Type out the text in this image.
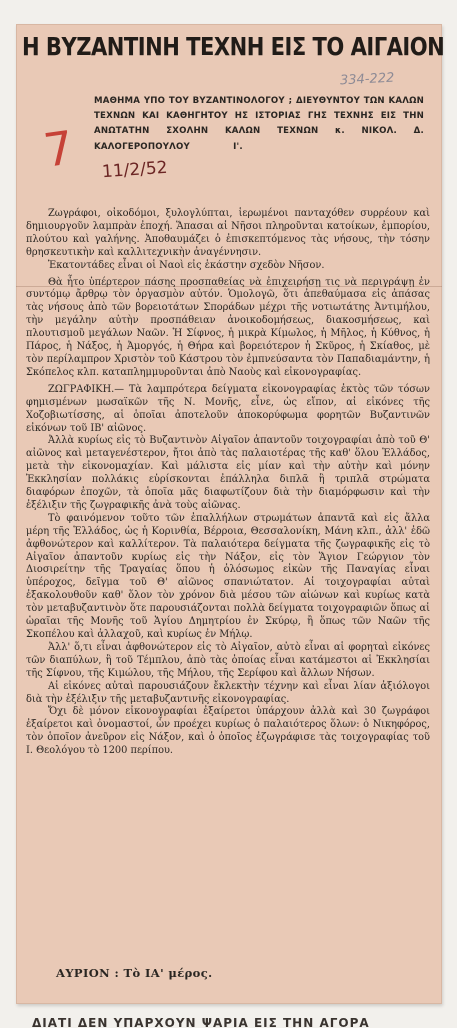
Η ΒΥΖΑΝΤΙΝΗ ΤΕΧΝΗ ΕΙΣ ΤΟ ΑΙΓΑΙΟΝ
334-222
ΜΑΘΗΜΑ ΥΠΟ ΤΟΥ ΒΥΖΑΝΤΙΝΟΛΟΓΟΥ ; ΔΙΕΥΘΥΝΤΟΥ ΤΩΝ ΚΑΛΩΝ ΤΕΧΝΩΝ ΚΑΙ ΚΑΘΗΓΗΤΟΥ ΗΣ ΙΣΤΟΡΙΑΣ ΓΗΣ ΤΕΧΝΗΣ ΕΙΣ ΤΗΝ ΑΝΩΤΑΤΗΝ ΣΧΟΛΗΝ ΚΑΛΩΝ ΤΕΧΝΩΝ κ. ΝΙΚΟΛ. Δ. ΚΑΛΟΓΕΡΟΠΟΥΛΟΥ	Ι'.
7 11/2/52

Ζωγράφοι, οἰκοδόμοι, ξυλογλύπται, ἱερωμένοι πανταχόθεν συρρέουν καὶ δημιουργοῦν λαμπρὰν ἐποχή. Ἅπασαι αἱ Νῆσοι πληροῦνται κατοίκων, ἐμπορίου, πλούτου καὶ γαλήνης. Ἀποθαυμάζει ὁ ἐπισκεπτόμενος τὰς νήσους, τὴν τόσην θρησκευτικὴν καὶ καλλιτεχνικὴν ἀναγέννησιν.

Ἑκατοντάδες εἶναι οἱ Ναοὶ εἰς ἑκάστην σχεδὸν Νῆσον.

Θὰ ἦτο ὑπέρτερον πάσης προσπαθείας νὰ ἐπιχειρήσῃ τις νὰ περιγράψῃ ἐν συντόμῳ ἄρθρῳ τὸν ὀργασμὸν αὐτόν. Ὁμολογῶ, ὅτι ἀπεθαύμασα εἰς ἁπάσας τὰς νήσους ἀπὸ τῶν βορειοτάτων Σποράδων μέχρι τῆς νοτιωτάτης Ἀντιμήλου, τὴν μεγάλην αὐτὴν προσπάθειαν ἀνοικοδομήσεως, διακοσμήσεως, καὶ πλουτισμοῦ μεγάλων Ναῶν. Ἡ Σίφνος, ἡ μικρὰ Κίμωλος, ἡ Μῆλος, ἡ Κύθνος, ἡ Πάρος, ἡ Νάξος, ἡ Ἀμοργός, ἡ Θήρα καὶ βορειότερον ἡ Σκῦρος, ἡ Σκίαθος, μὲ τὸν περίλαμπρον Χριστὸν τοῦ Κάστρου τὸν ἐμπνεύσαντα τὸν Παπαδιαμάντην, ἡ Σκόπελος κλπ. καταπλημμυροῦνται ἀπὸ Ναοὺς καὶ εἰκονογραφίας.

ΖΩΓΡΑΦΙΚΗ.— Τὰ λαμπρότερα δείγματα εἰκονογραφίας ἐκτὸς τῶν τόσων φημισμένων μωσαϊκῶν τῆς Ν. Μονῆς, εἶνε, ὡς εἴπον, αἱ εἰκόνες τῆς Χοζοβιωτίσσης, αἱ ὁποῖαι ἀποτελοῦν ἀποκορύφωμα φορητῶν Βυζαντινῶν εἰκόνων τοῦ ΙΒ' αἰῶνος.

Ἀλλὰ κυρίως εἰς τὸ Βυζαντινὸν Αἰγαῖον ἀπαντοῦν τοιχογραφίαι ἀπὸ τοῦ Θ' αἰῶνος καὶ μεταγενέστερον, ἤτοι ἀπὸ τὰς παλαιοτέρας τῆς καθ' ὅλου Ἑλλάδος, μετὰ τὴν εἰκονομαχίαν. Καὶ μάλιστα εἰς μίαν καὶ τὴν αὐτὴν καὶ μόνην Ἐκκλησίαν πολλάκις εὑρίσκονται ἐπάλληλα διπλᾶ ἢ τριπλᾶ στρώματα διαφόρων ἐποχῶν, τὰ ὁποῖα μᾶς διαφωτίζουν διὰ τὴν διαμόρφωσιν καὶ τὴν ἐξέλιξιν τῆς ζωγραφικῆς ἀνὰ τοὺς αἰῶνας.

Τὸ φαινόμενον τοῦτο τῶν ἐπαλλήλων στρωμάτων ἀπαντᾶ καὶ εἰς ἄλλα μέρη τῆς Ἑλλάδος, ὡς ἡ Κορινθία, Βέρροια, Θεσσαλονίκη, Μάνη κλπ., ἀλλ' ἐδῶ ἀφθονώτερον καὶ καλλίτερον. Τὰ παλαιότερα δείγματα τῆς ζωγραφικῆς εἰς τὸ Αἰγαῖον ἀπαντοῦν κυρίως εἰς τὴν Νάξον, εἰς τὸν Ἅγιον Γεώργιον τὸν Διοσιρείτην τῆς Τραγαίας ὅπου ἡ ὁλόσωμος εἰκὼν τῆς Παναγίας εἶναι ὑπέροχος, δεῖγμα τοῦ Θ' αἰῶνος σπανιώτατον. Αἱ τοιχογραφίαι αὐταὶ ἐξακολουθοῦν καθ' ὅλον τὸν χρόνον διὰ μέσου τῶν αἰώνων καὶ κυρίως κατὰ τὸν μεταβυζαντινὸν ὅτε παρουσιάζονται πολλὰ δείγματα τοιχογραφιῶν ὅπως αἱ ὡραῖαι τῆς Μονῆς τοῦ Ἁγίου Δημητρίου ἐν Σκύρῳ, ἢ ὅπως τῶν Ναῶν τῆς Σκοπέλου καὶ ἀλλαχοῦ, καὶ κυρίως ἐν Μήλῳ.

Ἀλλ' ὅ,τι εἶναι ἀφθονώτερον εἰς τὸ Αἰγαῖον, αὐτὸ εἶναι αἱ φορηταὶ εἰκόνες τῶν διαπύλων, ἢ τοῦ Τέμπλου, ἀπὸ τὰς ὁποίας εἶναι κατάμεστοι αἱ Ἐκκλησίαι τῆς Σίφνου, τῆς Κιμώλου, τῆς Μήλου, τῆς Σερίφου καὶ ἄλλων Νήσων.

Αἱ εἰκόνες αὐταὶ παρουσιάζουν ἔκλεκτὴν τέχνην καὶ εἶναι λίαν ἀξιόλογοι διὰ τὴν ἐξέλιξιν τῆς μεταβυζαντινῆς εἰκονογραφίας.

Ὄχι δὲ μόνον εἰκονογραφίαι ἐξαίρετοι ὑπάρχουν ἀλλὰ καὶ 30 ζωγράφοι ἐξαίρετοι καὶ ὀνομαστοί, ὧν προέχει κυρίως ὁ παλαιότερος ὅλων: ὁ Νικηφόρος, τὸν ὁποῖον ἀνεῦρον εἰς Νάξον, καὶ ὁ ὁποῖος ἐζωγράφισε τὰς τοιχογραφίας τοῦ Ι. Θεολόγου τὸ 1200 περίπου.

ΑΥΡΙΟΝ : Τὸ ΙΑ' μέρος.
ΔΙΑΤΙ ΔΕΝ ΥΠΑΡΧΟΥΝ ΨΑΡΙΑ ΕΙΣ ΤΗΝ ΑΓΟΡΑ
